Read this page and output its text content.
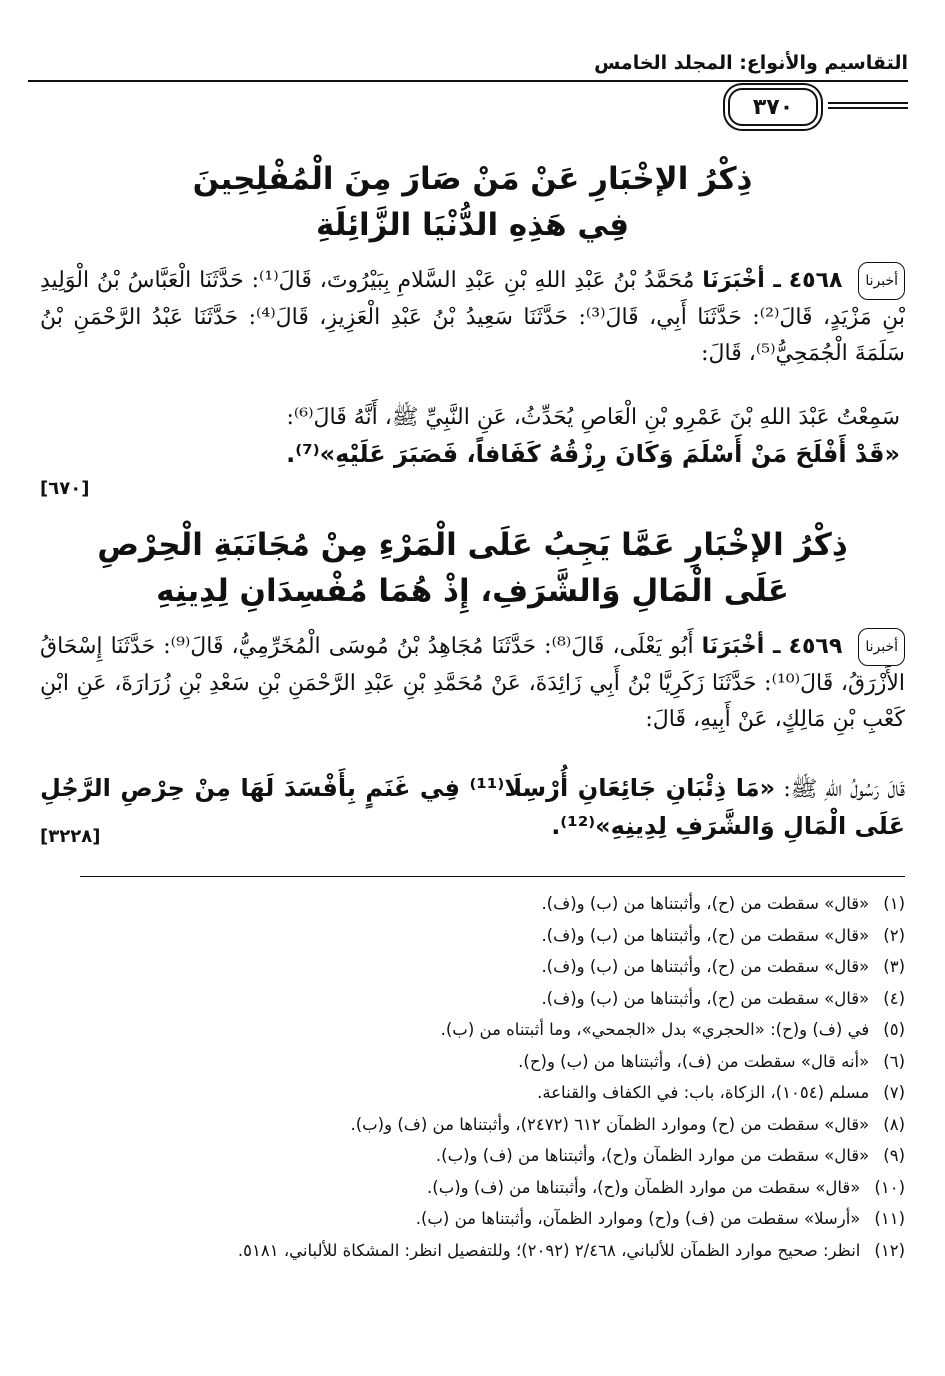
التقاسيم والأنواع: المجلد الخامس
٣٧٠
ذِكْرُ الإخْبَارِ عَنْ مَنْ صَارَ مِنَ الْمُفْلِحِينَ
فِي هَذِهِ الدُّنْيَا الزَّائِلَةِ
أخبرنا ٤٥٦٨ ـ أخْبَرَنَا مُحَمَّدُ بْنُ عَبْدِ اللهِ بْنِ عَبْدِ السَّلامِ بِبَيْرُوتَ، قَالَ⁽¹⁾: حَدَّثَنَا الْعَبَّاسُ بْنُ الْوَلِيدِ بْنِ مَزْيَدٍ، قَالَ⁽²⁾: حَدَّثَنَا أَبِي، قَالَ⁽³⁾: حَدَّثَنَا سَعِيدُ بْنُ عَبْدِ الْعَزِيزِ، قَالَ⁽⁴⁾: حَدَّثَنَا عَبْدُ الرَّحْمَنِ بْنُ سَلَمَةَ الْجُمَحِيُّ⁽⁵⁾، قَالَ:
سَمِعْتُ عَبْدَ اللهِ بْنَ عَمْرِو بْنِ الْعَاصِ يُحَدِّثُ، عَنِ النَّبِيِّ ﷺ، أَنَّهُ قَالَ⁽⁶⁾:
«قَدْ أَفْلَحَ مَنْ أَسْلَمَ وَكَانَ رِزْقُهُ كَفَافاً، فَصَبَرَ عَلَيْهِ»⁽⁷⁾.
[٦٧٠]
ذِكْرُ الإخْبَارِ عَمَّا يَجِبُ عَلَى الْمَرْءِ مِنْ مُجَانَبَةِ الْحِرْصِ
عَلَى الْمَالِ وَالشَّرَفِ، إِذْ هُمَا مُفْسِدَانِ لِدِينِهِ
أخبرنا ٤٥٦٩ ـ أخْبَرَنَا أَبُو يَعْلَى، قَالَ⁽⁸⁾: حَدَّثَنَا مُجَاهِدُ بْنُ مُوسَى الْمُخَرِّمِيُّ، قَالَ⁽⁹⁾: حَدَّثَنَا إِسْحَاقُ الأَزْرَقُ، قَالَ⁽¹⁰⁾: حَدَّثَنَا زَكَرِيَّا بْنُ أَبِي زَائِدَةَ، عَنْ مُحَمَّدِ بْنِ عَبْدِ الرَّحْمَنِ بْنِ سَعْدِ بْنِ زُرَارَةَ، عَنِ ابْنِ كَعْبِ بْنِ مَالِكٍ، عَنْ أَبِيهِ، قَالَ:
قَالَ رَسُولُ اللهِ ﷺ: «مَا ذِئْبَانِ جَائِعَانِ أُرْسِلَا⁽¹¹⁾ فِي غَنَمٍ بِأَفْسَدَ لَهَا مِنْ حِرْصِ الرَّجُلِ عَلَى الْمَالِ وَالشَّرَفِ لِدِينِهِ»⁽¹²⁾.
[٣٢٢٨]
(١)«قال» سقطت من (ح)، وأثبتناها من (ب) و(ف).
(٢)«قال» سقطت من (ح)، وأثبتناها من (ب) و(ف).
(٣)«قال» سقطت من (ح)، وأثبتناها من (ب) و(ف).
(٤)«قال» سقطت من (ح)، وأثبتناها من (ب) و(ف).
(٥)في (ف) و(ح): «الحجري» بدل «الجمحي»، وما أثبتناه من (ب).
(٦)«أنه قال» سقطت من (ف)، وأثبتناها من (ب) و(ح).
(٧)مسلم (١٠٥٤)، الزكاة، باب: في الكفاف والقناعة.
(٨)«قال» سقطت من (ح) وموارد الظمآن ٦١٢ (٢٤٧٢)، وأثبتناها من (ف) و(ب).
(٩)«قال» سقطت من موارد الظمآن و(ح)، وأثبتناها من (ف) و(ب).
(١٠)«قال» سقطت من موارد الظمآن و(ح)، وأثبتناها من (ف) و(ب).
(١١)«أرسلا» سقطت من (ف) و(ح) وموارد الظمآن، وأثبتناها من (ب).
(١٢)انظر: صحيح موارد الظمآن للألباني، ٢/٤٦٨ (٢٠٩٢)؛ وللتفصيل انظر: المشكاة للألباني، ٥١٨١.
